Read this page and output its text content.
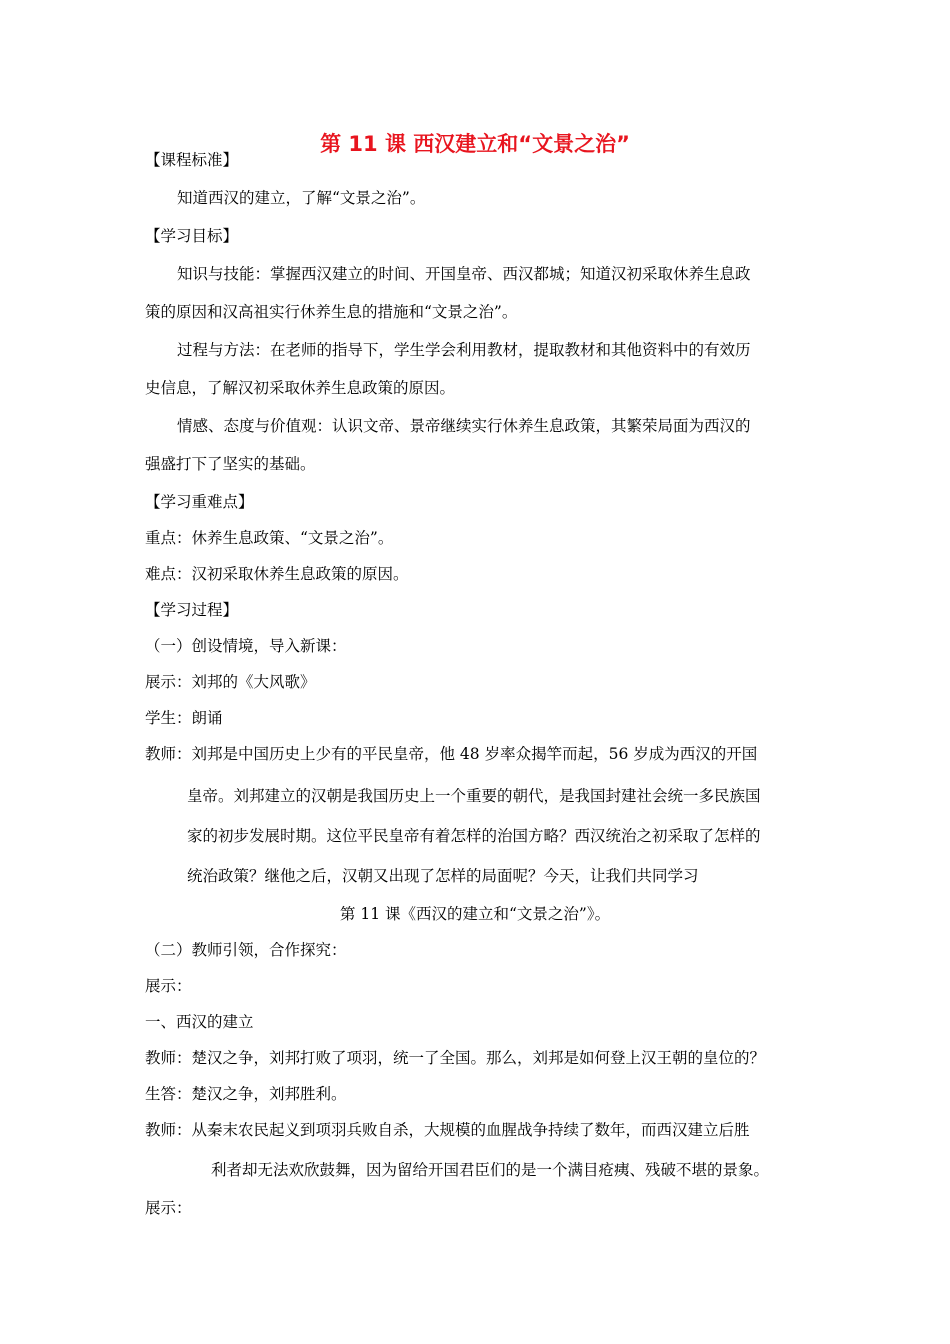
第 11 课 西汉建立和“文景之治”
【课程标准】
知道西汉的建立，了解“文景之治”。
【学习目标】
知识与技能：掌握西汉建立的时间、开国皇帝、西汉都城；知道汉初采取休养生息政
策的原因和汉高祖实行休养生息的措施和“文景之治”。
过程与方法：在老师的指导下，学生学会利用教材，提取教材和其他资料中的有效历
史信息，了解汉初采取休养生息政策的原因。
情感、态度与价值观：认识文帝、景帝继续实行休养生息政策，其繁荣局面为西汉的
强盛打下了坚实的基础。
【学习重难点】
重点：休养生息政策、“文景之治”。
难点：汉初采取休养生息政策的原因。
【学习过程】
（一）创设情境，导入新课：
展示：刘邦的《大风歌》
学生：朗诵
教师：刘邦是中国历史上少有的平民皇帝，他 48 岁率众揭竿而起，56 岁成为西汉的开国
皇帝。刘邦建立的汉朝是我国历史上一个重要的朝代，是我国封建社会统一多民族国
家的初步发展时期。这位平民皇帝有着怎样的治国方略？西汉统治之初采取了怎样的
统治政策？继他之后，汉朝又出现了怎样的局面呢？今天，让我们共同学习
第 11 课《西汉的建立和“文景之治”》。
（二）教师引领，合作探究：
展示：
一、西汉的建立
教师：楚汉之争，刘邦打败了项羽，统一了全国。那么，刘邦是如何登上汉王朝的皇位的？
生答：楚汉之争，刘邦胜利。
教师：从秦末农民起义到项羽兵败自杀，大规模的血腥战争持续了数年，而西汉建立后胜
利者却无法欢欣鼓舞，因为留给开国君臣们的是一个满目疮痍、残破不堪的景象。
展示：
